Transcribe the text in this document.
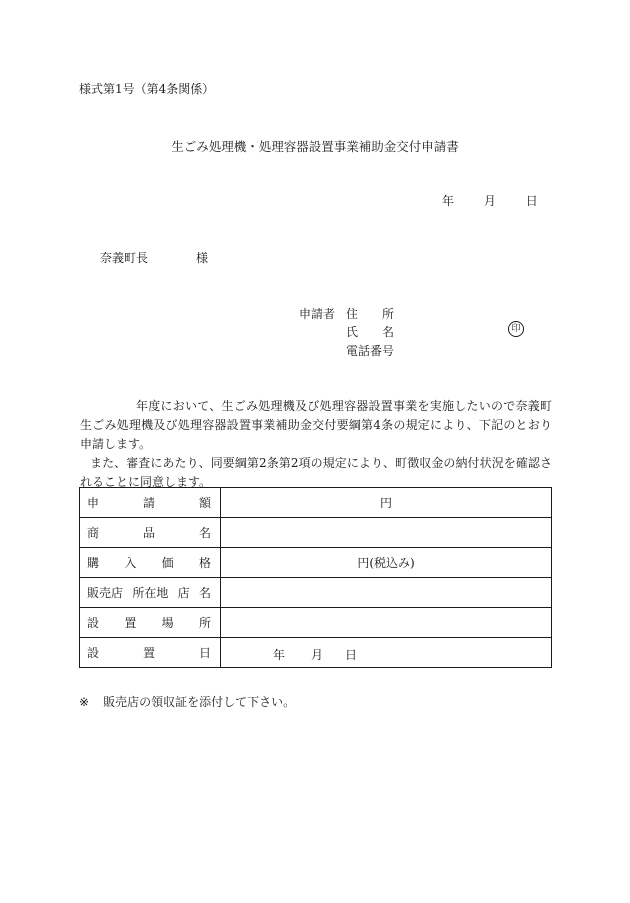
様式第1号（第4条関係）
生ごみ処理機・処理容器設置事業補助金交付申請書
年 月 日
奈義町長	様
申請者 住　　所
氏　　名
電話番号
印

年度において、生ごみ処理機及び処理容器設置事業を実施したいので奈義町生ごみ処理機及び処理容器設置事業補助金交付要綱第4条の規定により、下記のとおり申請します。

また、審査にあたり、同要綱第2条第2項の規定により、町徴収金の納付状況を確認されることに同意します。

申 請 額	円

商 品 名	

購 入 価 格	円(税込み)

販売店 所在地 店 名	

設 置 場 所	

設 置 日	年 月 日
※ 販売店の領収証を添付して下さい。
